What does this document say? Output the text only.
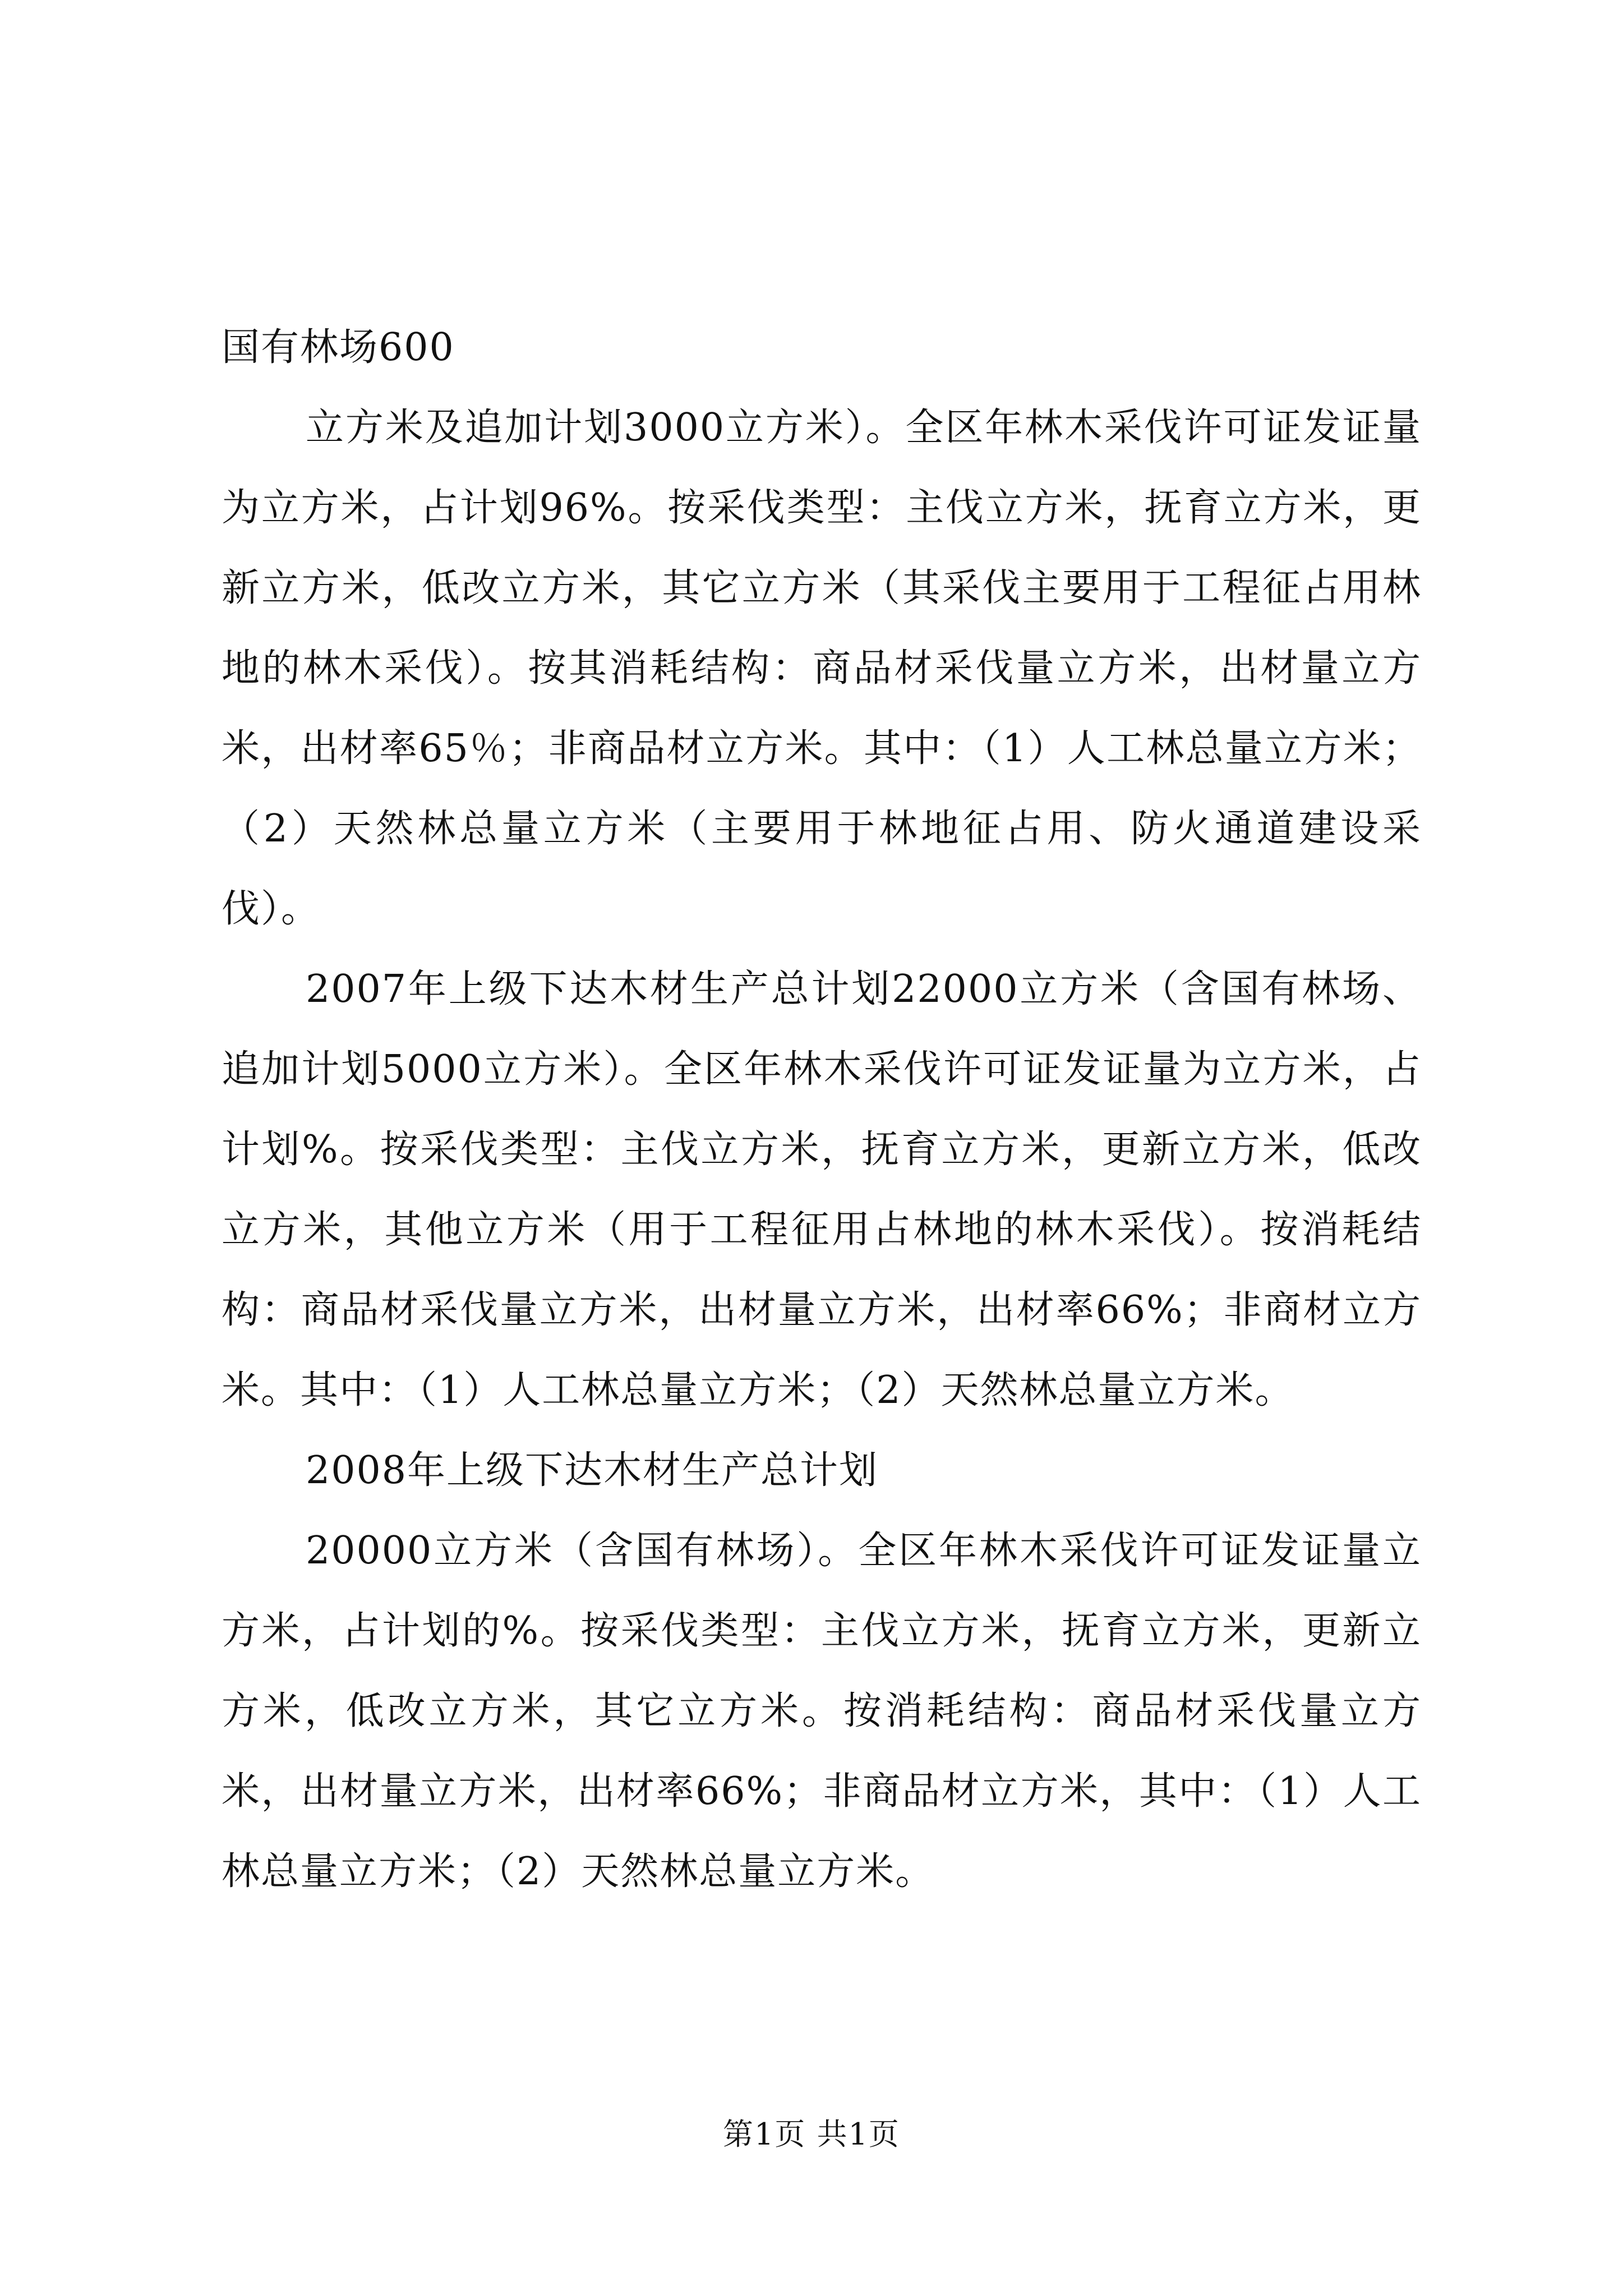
国有林场600

立方米及追加计划3000立方米）。全区年林木采伐许可证发证量为立方米，占计划96%。按采伐类型：主伐立方米，抚育立方米，更新立方米，低改立方米，其它立方米（其采伐主要用于工程征占用林地的林木采伐）。按其消耗结构：商品材采伐量立方米，出材量立方米，出材率65％；非商品材立方米。其中：（1）人工林总量立方米；（2）天然林总量立方米（主要用于林地征占用、防火通道建设采伐）。

2007年上级下达木材生产总计划22000立方米（含国有林场、追加计划5000立方米）。全区年林木采伐许可证发证量为立方米，占计划%。按采伐类型：主伐立方米，抚育立方米，更新立方米，低改立方米，其他立方米（用于工程征用占林地的林木采伐）。按消耗结构：商品材采伐量立方米，出材量立方米，出材率66%；非商材立方米。其中：（1）人工林总量立方米；（2）天然林总量立方米。

2008年上级下达木材生产总计划

20000立方米（含国有林场）。全区年林木采伐许可证发证量立方米，占计划的%。按采伐类型：主伐立方米，抚育立方米，更新立方米，低改立方米，其它立方米。按消耗结构：商品材采伐量立方米，出材量立方米，出材率66%；非商品材立方米，其中：（1）人工林总量立方米；（2）天然林总量立方米。

第1页 共1页
